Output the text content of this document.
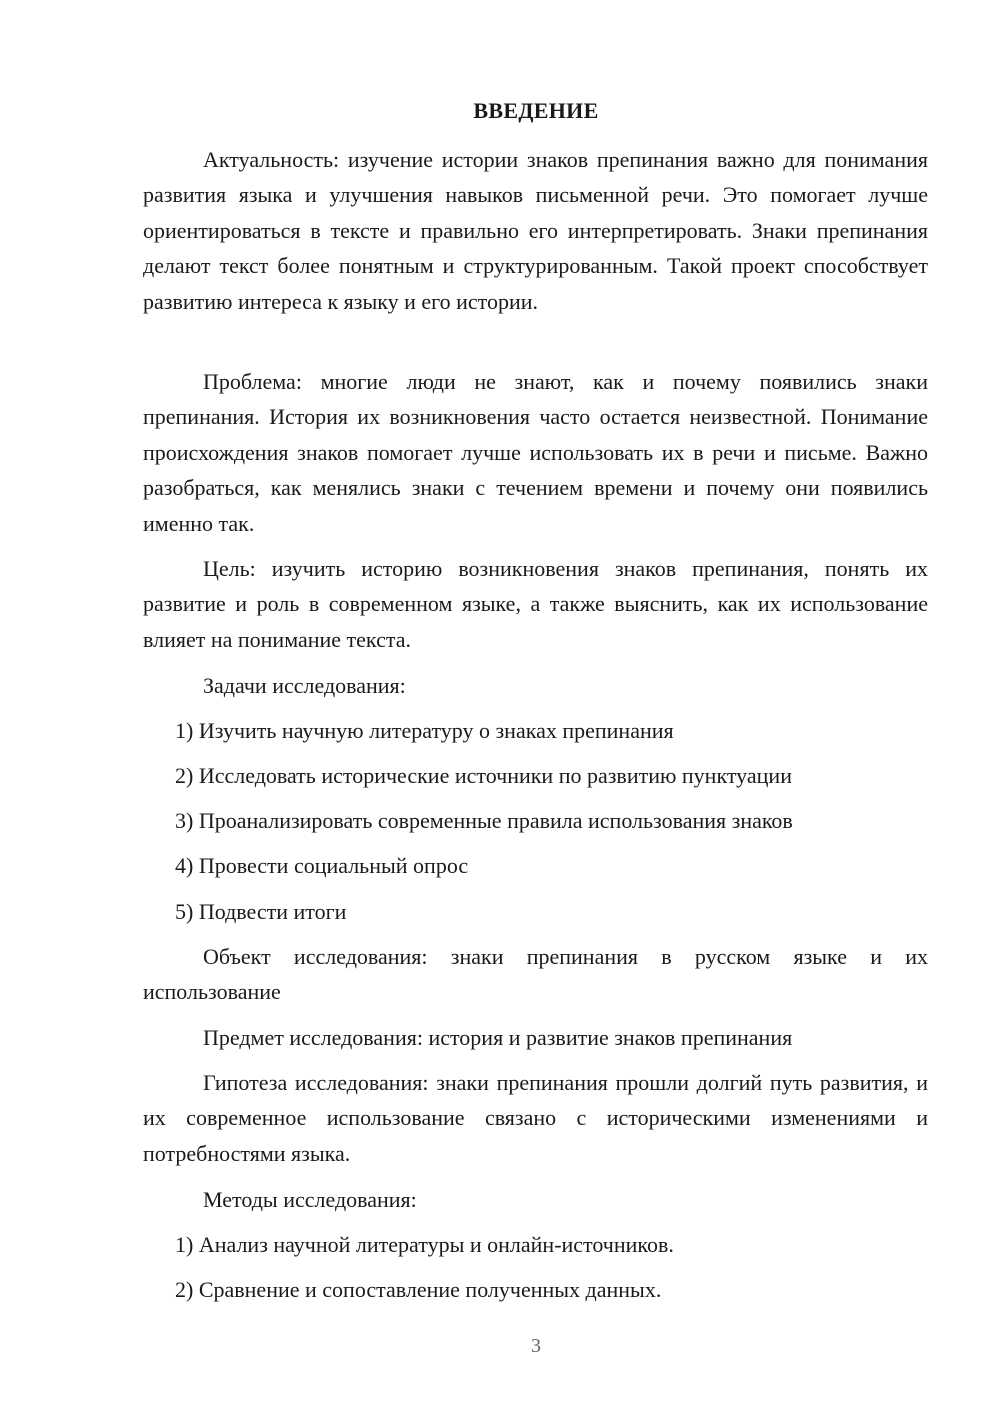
ВВЕДЕНИЕ

Актуальность: изучение истории знаков препинания важно для понимания развития языка и улучшения навыков письменной речи. Это помогает лучше ориентироваться в тексте и правильно его интерпретировать. Знаки препинания делают текст более понятным и структурированным. Такой проект способствует развитию интереса к языку и его истории.

Проблема: многие люди не знают, как и почему появились знаки препинания. История их возникновения часто остается неизвестной. Понимание происхождения знаков помогает лучше использовать их в речи и письме. Важно разобраться, как менялись знаки с течением времени и почему они появились именно так.

Цель: изучить историю возникновения знаков препинания, понять их развитие и роль в современном языке, а также выяснить, как их использование влияет на понимание текста.

Задачи исследования:
1) Изучить научную литературу о знаках препинания
2) Исследовать исторические источники по развитию пунктуации
3) Проанализировать современные правила использования знаков
4) Провести социальный опрос
5) Подвести итоги

Объект исследования: знаки препинания в русском языке и их использование

Предмет исследования: история и развитие знаков препинания

Гипотеза исследования: знаки препинания прошли долгий путь развития, и их современное использование связано с историческими изменениями и потребностями языка.

Методы исследования:
1) Анализ научной литературы и онлайн-источников.
2) Сравнение и сопоставление полученных данных.
3
